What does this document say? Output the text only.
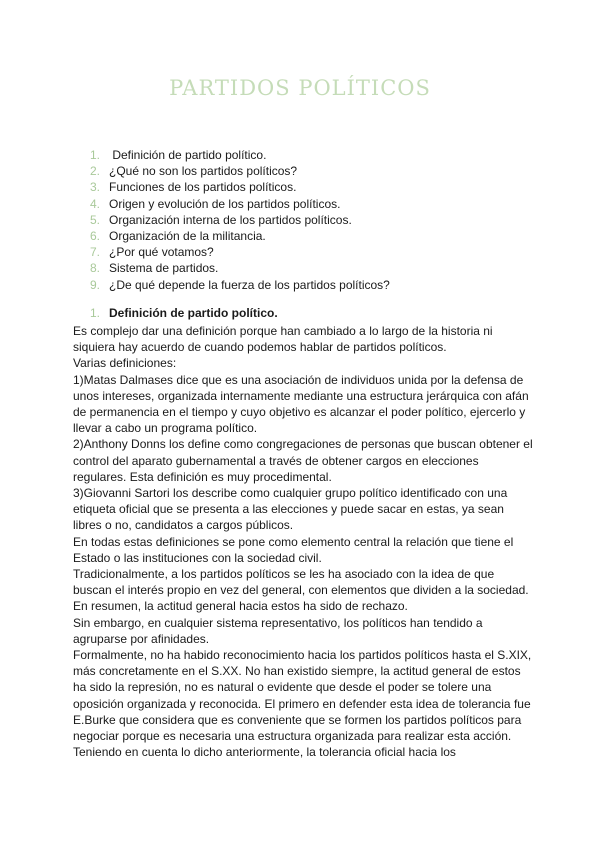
PARTIDOS POLÍTICOS
1. Definición de partido político.
2. ¿Qué no son los partidos políticos?
3. Funciones de los partidos políticos.
4. Origen y evolución de los partidos políticos.
5. Organización interna de los partidos políticos.
6. Organización de la militancia.
7. ¿Por qué votamos?
8. Sistema de partidos.
9. ¿De qué depende la fuerza de los partidos políticos?
1. Definición de partido político.

Es complejo dar una definición porque han cambiado a lo largo de la historia ni siquiera hay acuerdo de cuando podemos hablar de partidos políticos.

Varias definiciones:

1)Matas Dalmases dice que es una asociación de individuos unida por la defensa de unos intereses, organizada internamente mediante una estructura jerárquica con afán de permanencia en el tiempo y cuyo objetivo es alcanzar el poder político, ejercerlo y llevar a cabo un programa político.

2)Anthony Donns los define como congregaciones de personas que buscan obtener el control del aparato gubernamental a través de obtener cargos en elecciones regulares. Esta definición es muy procedimental.

3)Giovanni Sartori los describe como cualquier grupo político identificado con una etiqueta oficial que se presenta a las elecciones y puede sacar en estas, ya sean libres o no, candidatos a cargos públicos.

En todas estas definiciones se pone como elemento central la relación que tiene el Estado o las instituciones con la sociedad civil.

Tradicionalmente, a los partidos políticos se les ha asociado con la idea de que buscan el interés propio en vez del general, con elementos que dividen a la sociedad. En resumen, la actitud general hacia estos ha sido de rechazo.

Sin embargo, en cualquier sistema representativo, los políticos han tendido a agruparse por afinidades.

Formalmente, no ha habido reconocimiento hacia los partidos políticos hasta el S.XIX, más concretamente en el S.XX. No han existido siempre, la actitud general de estos ha sido la represión, no es natural o evidente que desde el poder se tolere una oposición organizada y reconocida. El primero en defender esta idea de tolerancia fue E.Burke que considera que es conveniente que se formen los partidos políticos para negociar porque es necesaria una estructura organizada para realizar esta acción. Teniendo en cuenta lo dicho anteriormente, la tolerancia oficial hacia los
